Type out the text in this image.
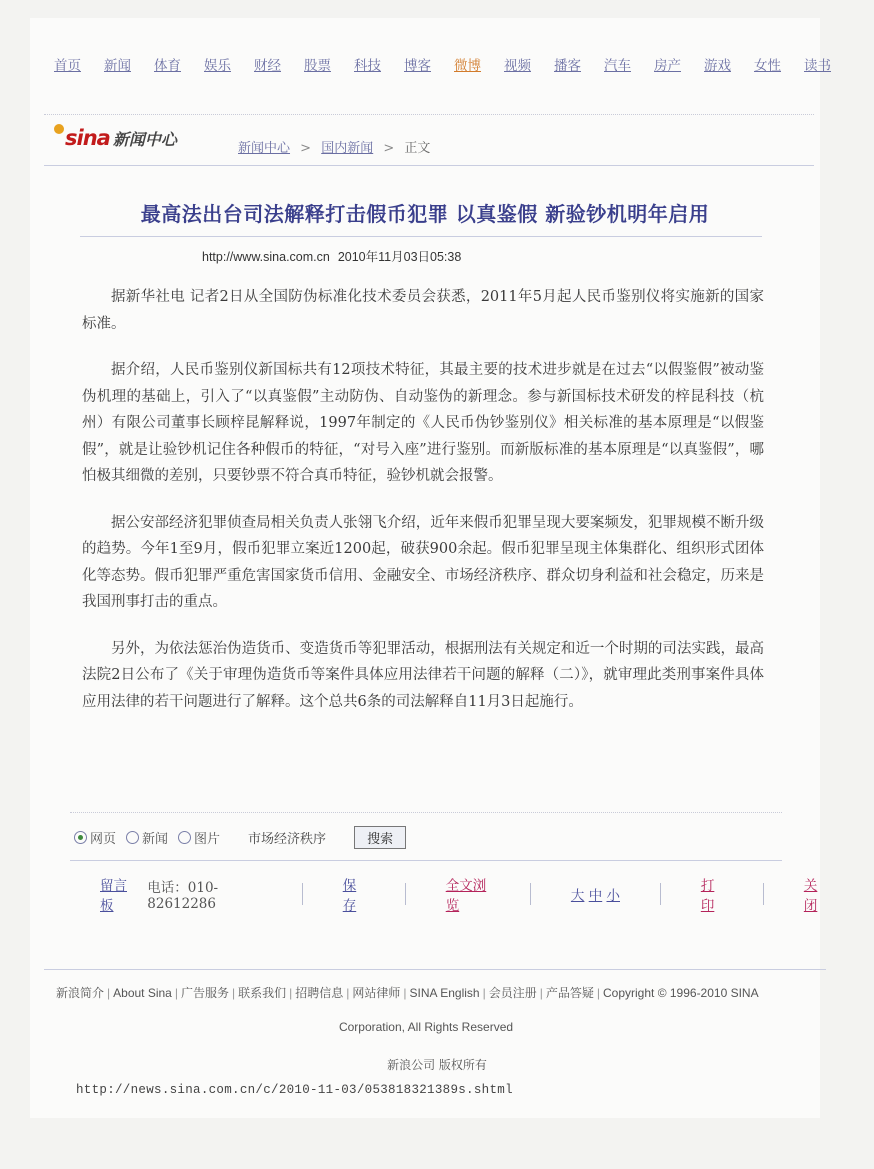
首页 新闻 体育 娱乐 财经 股票 科技 博客 微博 视频 播客 汽车 房产 游戏 女性 读书
sina 新闻中心	新闻中心 > 国内新闻 > 正文
最高法出台司法解释打击假币犯罪 以真鉴假 新验钞机明年启用
http://www.sina.com.cn 2010年11月03日05:38

据新华社电 记者2日从全国防伪标准化技术委员会获悉，2011年5月起人民币鉴别仪将实施新的国家标准。

据介绍，人民币鉴别仪新国标共有12项技术特征，其最主要的技术进步就是在过去“以假鉴假”被动鉴伪机理的基础上，引入了“以真鉴假”主动防伪、自动鉴伪的新理念。参与新国标技术研发的梓昆科技（杭州）有限公司董事长顾梓昆解释说，1997年制定的《人民币伪钞鉴别仪》相关标准的基本原理是“以假鉴假”，就是让验钞机记住各种假币的特征，“对号入座”进行鉴别。而新版标准的基本原理是“以真鉴假”，哪怕极其细微的差别，只要钞票不符合真币特征，验钞机就会报警。

据公安部经济犯罪侦查局相关负责人张翎飞介绍，近年来假币犯罪呈现大要案频发，犯罪规模不断升级的趋势。今年1至9月，假币犯罪立案近1200起，破获900余起。假币犯罪呈现主体集群化、组织形式团体化等态势。假币犯罪严重危害国家货币信用、金融安全、市场经济秩序、群众切身利益和社会稳定，历来是我国刑事打击的重点。

另外，为依法惩治伪造货币、变造货币等犯罪活动，根据刑法有关规定和近一个时期的司法实践，最高法院2日公布了《关于审理伪造货币等案件具体应用法律若干问题的解释（二）》，就审理此类刑事案件具体应用法律的若干问题进行了解释。这个总共6条的司法解释自11月3日起施行。

网页 新闻 图片 市场经济秩序	搜索
留言板
电话：010-82612286
保存
全文浏览
大
中
小
打印
关闭
新浪简介 | About Sina | 广告服务 | 联系我们 | 招聘信息 | 网站律师 | SINA English | 会员注册 | 产品答疑 | Copyright © 1996-2010 SINA
Corporation, All Rights Reserved
新浪公司 版权所有
http://news.sina.com.cn/c/2010-11-03/053818321389s.shtml
